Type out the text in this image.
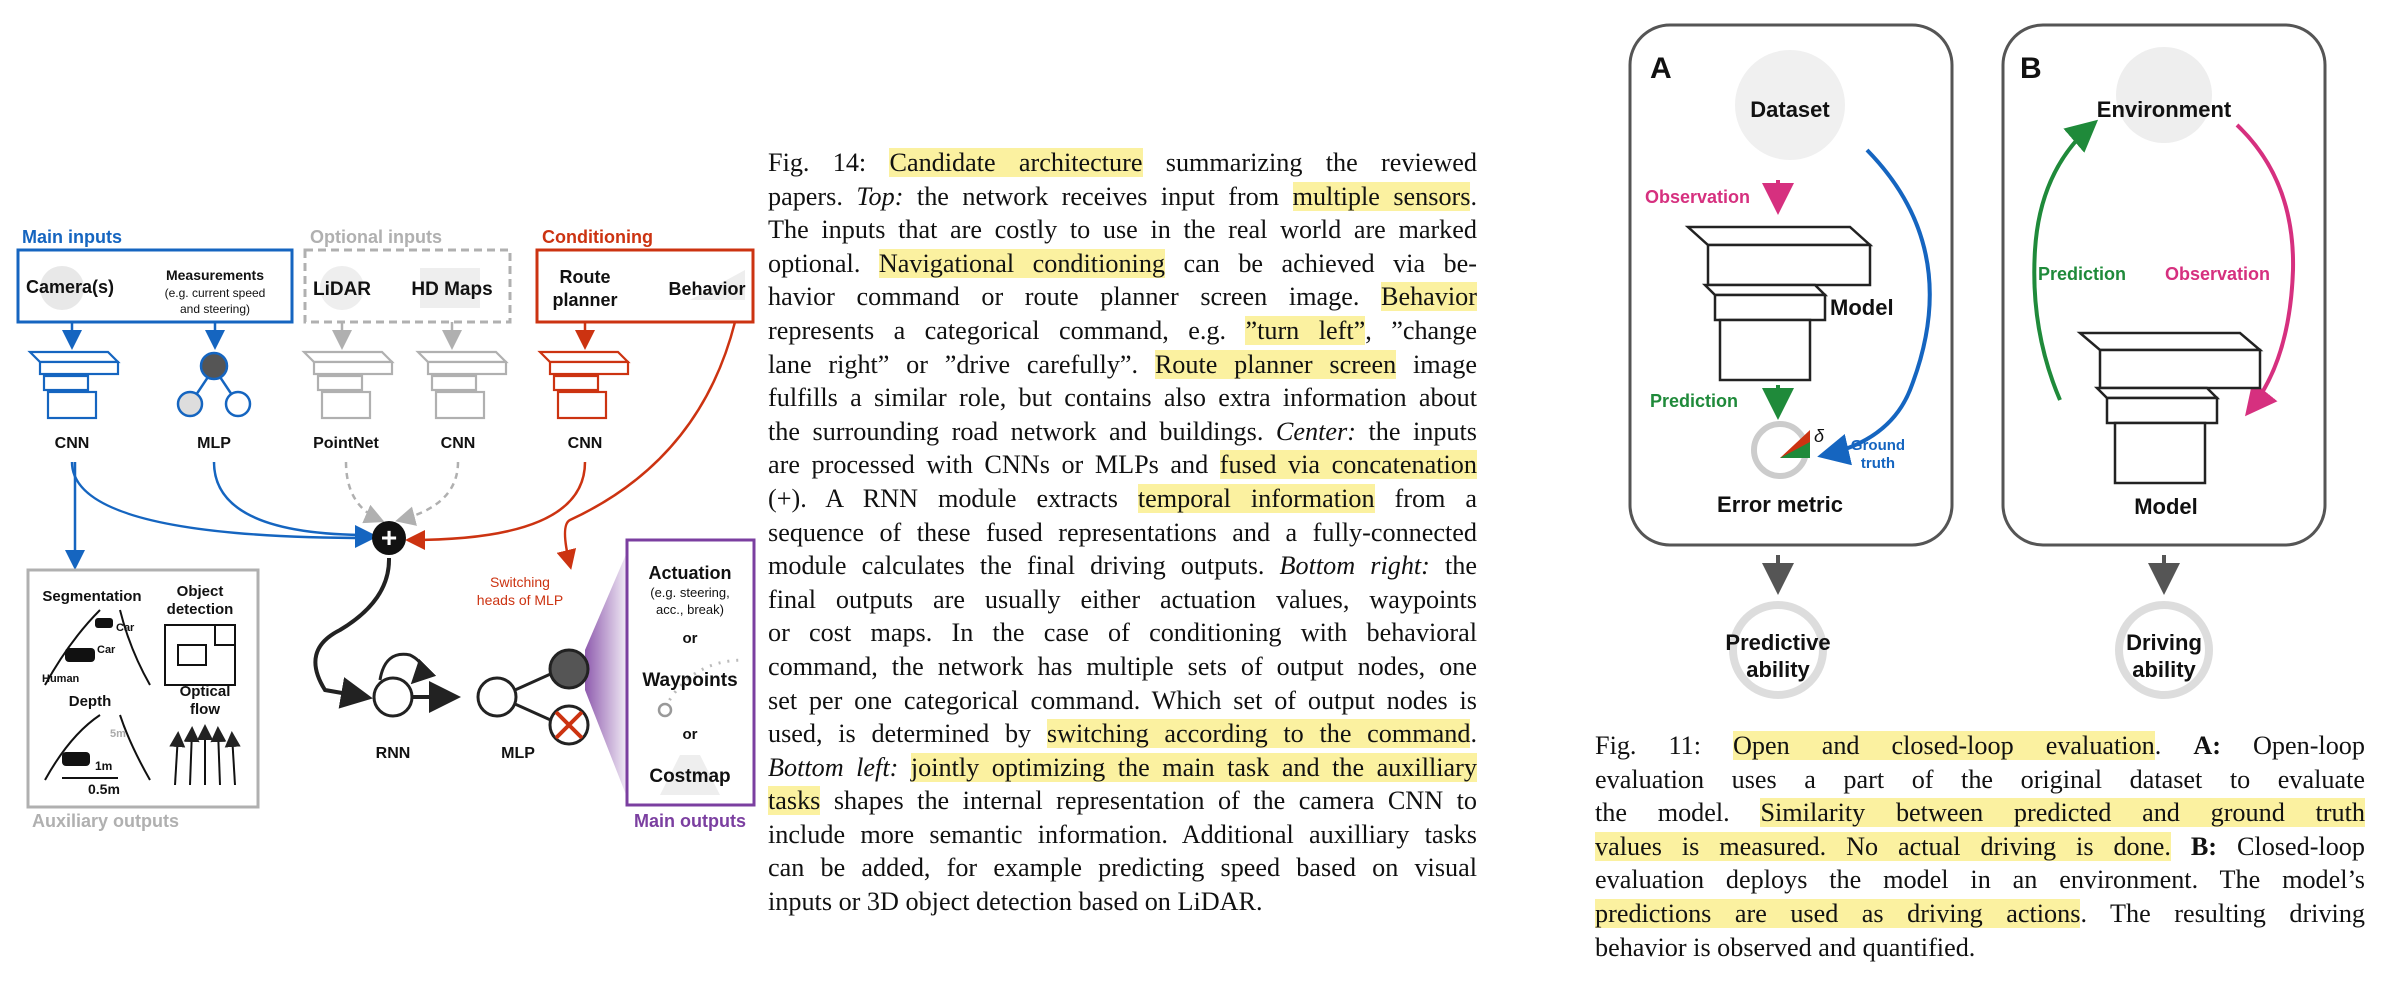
Main inputs	Optional inputs	Conditioning
Camera(s)
Measurements
(e.g. current speed
and steering)
LiDAR HD Maps
Route
planner
Behavior
CNN	MLP	PointNet	CNN	CNN
+
RNN	MLP
Switching
heads of MLP
Actuation
(e.g. steering,
acc., break)
or
Waypoints
or
Costmap
Main outputs
Segmentation Object
detection
Car
Car
Human
Depth
Optical
flow
5m
1m
0.5m
Auxiliary outputs
Fig. 14: Candidate architecture summarizing the reviewed
papers. Top: the network receives input from multiple sensors.
The inputs that are costly to use in the real world are marked
optional. Navigational conditioning can be achieved via be-
havior command or route planner screen image. Behavior
represents a categorical command, e.g. ”turn left”, ”change
lane right” or ”drive carefully”. Route planner screen image
fulfills a similar role, but contains also extra information about
the surrounding road network and buildings. Center: the inputs
are processed with CNNs or MLPs and fused via concatenation
(+). A RNN module extracts temporal information from a
sequence of these fused representations and a fully-connected
module calculates the final driving outputs. Bottom right: the
final outputs are usually either actuation values, waypoints
or cost maps. In the case of conditioning with behavioral
command, the network has multiple sets of output nodes, one
set per one categorical command. Which set of output nodes is
used, is determined by switching according to the command.
Bottom left: jointly optimizing the main task and the auxilliary
tasks shapes the internal representation of the camera CNN to
include more semantic information. Additional auxilliary tasks
can be added, for example predicting speed based on visual
inputs or 3D object detection based on LiDAR.
A
Dataset
Observation
Model
Prediction
δ Ground
truth
Error metric
Predictive
ability
B
Environment
Prediction Observation
Model
Driving
ability
Fig. 11: Open and closed-loop evaluation. A: Open-loop
evaluation uses a part of the original dataset to evaluate
the model. Similarity between predicted and ground truth
values is measured. No actual driving is done. B: Closed-loop
evaluation deploys the model in an environment. The model’s
predictions are used as driving actions. The resulting driving
behavior is observed and quantified.
